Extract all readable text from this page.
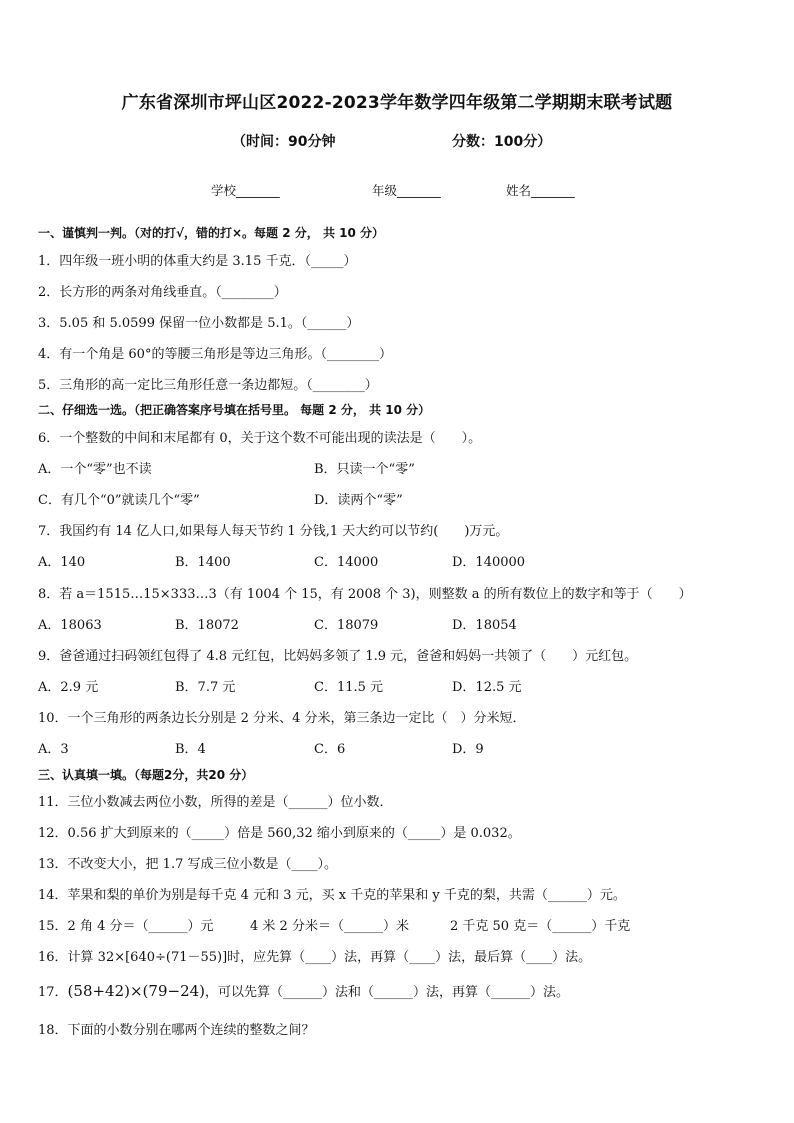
广东省深圳市坪山区2022-2023学年数学四年级第二学期期末联考试题
（时间：90分钟	分数：100分）
学校_______	年级_______	姓名_______
一、谨慎判一判。（对的打√，错的打×。每题 2 分， 共 10 分）
1．四年级一班小明的体重大约是 3.15 千克．（_____）
2．长方形的两条对角线垂直。（________）
3．5.05 和 5.0599 保留一位小数都是 5.1。（______）
4．有一个角是 60°的等腰三角形是等边三角形。（________）
5．三角形的高一定比三角形任意一条边都短。（________）
二、仔细选一选。（把正确答案序号填在括号里。 每题 2 分， 共 10 分）
6．一个整数的中间和末尾都有 0，关于这个数不可能出现的读法是（　　）。
A．一个“零”也不读	B．只读一个“零”
C．有几个“0”就读几个“零”	D．读两个“零”
7．我国约有 14 亿人口,如果每人每天节约 1 分钱,1 天大约可以节约(　　)万元。
A．140	B．1400	C．14000	D．140000
8．若 a＝1515…15×333…3（有 1004 个 15，有 2008 个 3)，则整数 a 的所有数位上的数字和等于（　　）
A．18063	B．18072	C．18079	D．18054
9．爸爸通过扫码领红包得了 4.8 元红包，比妈妈多领了 1.9 元，爸爸和妈妈一共领了（　　）元红包。
A．2.9 元	B．7.7 元	C．11.5 元	D．12.5 元
10．一个三角形的两条边长分别是 2 分米、4 分米，第三条边一定比（　）分米短．
A．3	B．4	C．6	D．9
三、认真填一填。（每题2分，共20 分）
11．三位小数减去两位小数，所得的差是（______）位小数．
12．0.56 扩大到原来的（_____）倍是 560,32 缩小到原来的（_____）是 0.032。
13．不改变大小，把 1.7 写成三位小数是（____）。
14．苹果和梨的单价为别是每千克 4 元和 3 元，买 x 千克的苹果和 y 千克的梨，共需（______）元。
15．2 角 4 分＝（______）元	4 米 2 分米＝（______）米	2 千克 50 克＝（______）千克
16．计算 32×[640÷(71－55)]时，应先算（____）法，再算（____）法，最后算（____）法。
17．(58+42)×(79−24)，可以先算（______）法和（______）法，再算（______）法。
18．下面的小数分别在哪两个连续的整数之间？
